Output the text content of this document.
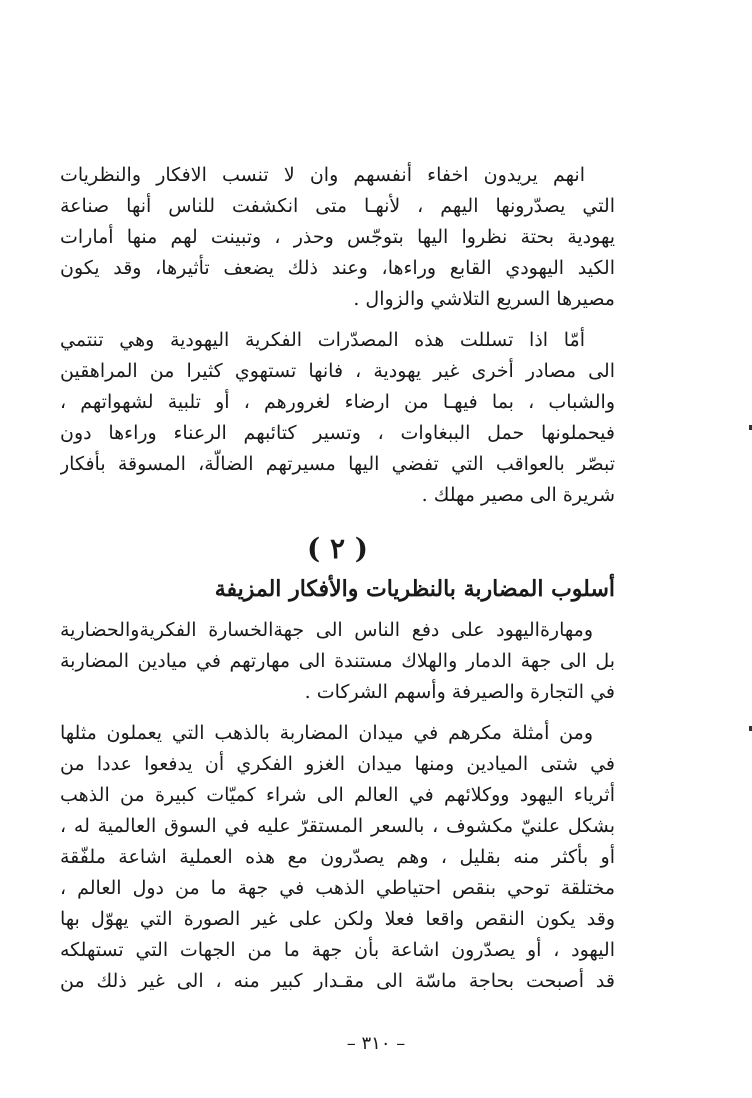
انهم يريدون اخفاء أنفسهم وان لا تنسب الافكار والنظريات
التي يصدّرونها اليهم ، لأنهـا متى انكشفت للناس أنها صناعة
يهودية بحتة نظروا اليها بتوجّس وحذر ، وتبينت لهم منها أمارات
الكيد اليهودي القابع وراءها، وعند ذلك يضعف تأثيرها، وقد يكون
مصيرها السريع التلاشي والزوال .
أمّا اذا تسللت هذه المصدّرات الفكرية اليهودية وهي تنتمي
الى مصادر أخرى غير يهودية ، فانها تستهوي كثيرا من المراهقين
والشباب ، بما فيهـا من ارضاء لغرورهم ، أو تلبية لشهواتهم ،
فيحملونها حمل الببغاوات ، وتسير كتائبهم الرعناء وراءها دون
تبصّر بالعواقب التي تفضي اليها مسيرتهم الضالّة، المسوقة بأفكار
شريرة الى مصير مهلك .
( ٢ )
أسلوب المضاربة بالنظريات والأفكار المزيفة
ومهارةاليهود على دفع الناس الى جهةالخسارة الفكريةوالحضارية
بل الى جهة الدمار والهلاك مستندة الى مهارتهم في ميادين المضاربة
في التجارة والصيرفة وأسهم الشركات .
ومن أمثلة مكرهم في ميدان المضاربة بالذهب التي يعملون مثلها
في شتى الميادين ومنها ميدان الغزو الفكري أن يدفعوا عددا من
أثرياء اليهود ووكلائهم في العالم الى شراء كميّات كبيرة من الذهب
بشكل علنيّ مكشوف ، بالسعر المستقرّ عليه في السوق العالمية له ،
أو بأكثر منه بقليل ، وهم يصدّرون مع هذه العملية اشاعة ملفّقة
مختلقة توحي بنقص احتياطي الذهب في جهة ما من دول العالم ،
وقد يكون النقص واقعا فعلا ولكن على غير الصورة التي يهوّل بها
اليهود ، أو يصدّرون اشاعة بأن جهة ما من الجهات التي تستهلكه
قد أصبحت بحاجة ماسّة الى مقـدار كبير منه ، الى غير ذلك من
– ٣١٠ –
